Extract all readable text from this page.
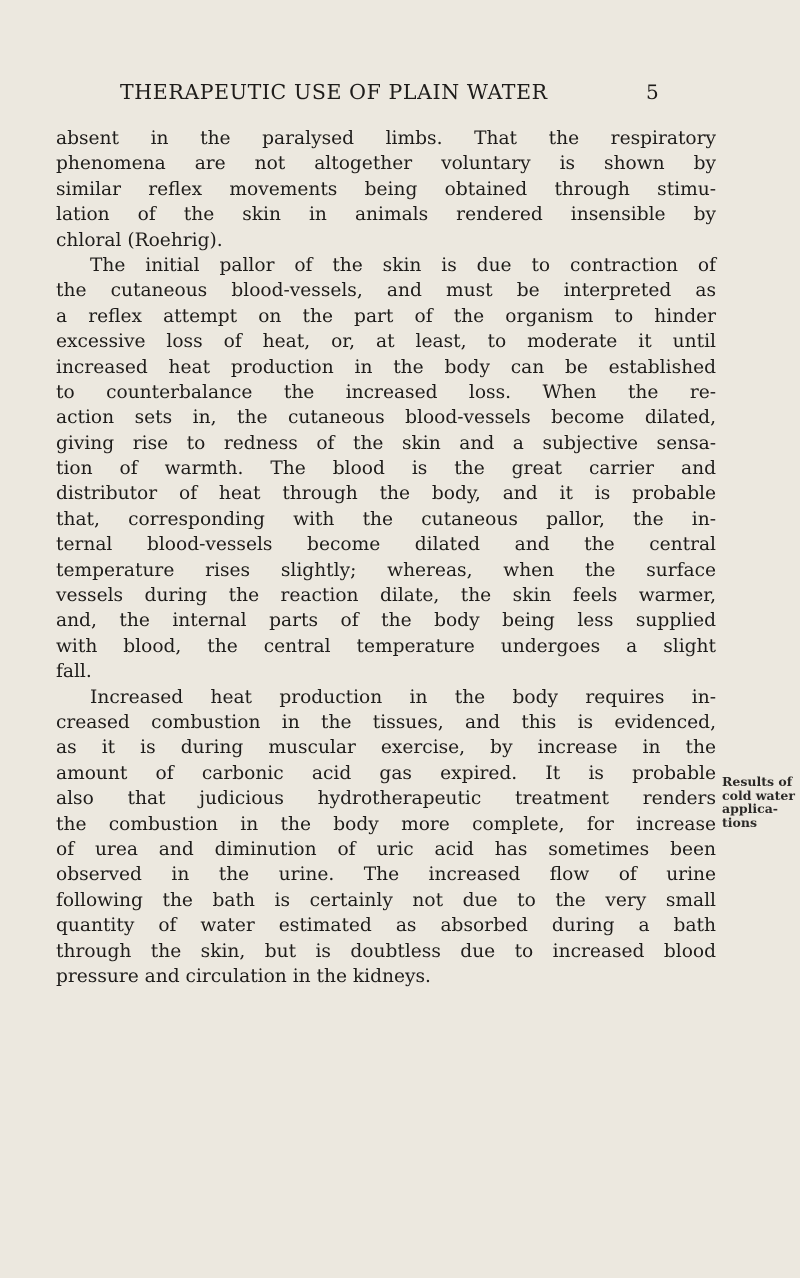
THERAPEUTIC USE OF PLAIN WATER	5
absent in the paralysed limbs. That the respiratory
phenomena are not altogether voluntary is shown by
similar reflex movements being obtained through stimu-
lation of the skin in animals rendered insensible by
chloral (Roehrig).
The initial pallor of the skin is due to contraction of
the cutaneous blood-vessels, and must be interpreted as
a reflex attempt on the part of the organism to hinder
excessive loss of heat, or, at least, to moderate it until
increased heat production in the body can be established
to counterbalance the increased loss. When the re-
action sets in, the cutaneous blood-vessels become dilated,
giving rise to redness of the skin and a subjective sensa-
tion of warmth. The blood is the great carrier and
distributor of heat through the body, and it is probable
that, corresponding with the cutaneous pallor, the in-
ternal blood-vessels become dilated and the central
temperature rises slightly; whereas, when the surface
vessels during the reaction dilate, the skin feels warmer,
and, the internal parts of the body being less supplied
with blood, the central temperature undergoes a slight
fall.
Increased heat production in the body requires in-
creased combustion in the tissues, and this is evidenced,
as it is during muscular exercise, by increase in the
amount of carbonic acid gas expired. It is probable
also that judicious hydrotherapeutic treatment renders
the combustion in the body more complete, for increase
of urea and diminution of uric acid has sometimes been
observed in the urine. The increased flow of urine
following the bath is certainly not due to the very small
quantity of water estimated as absorbed during a bath
through the skin, but is doubtless due to increased blood
pressure and circulation in the kidneys.
Results of
cold water
applica-
tions
